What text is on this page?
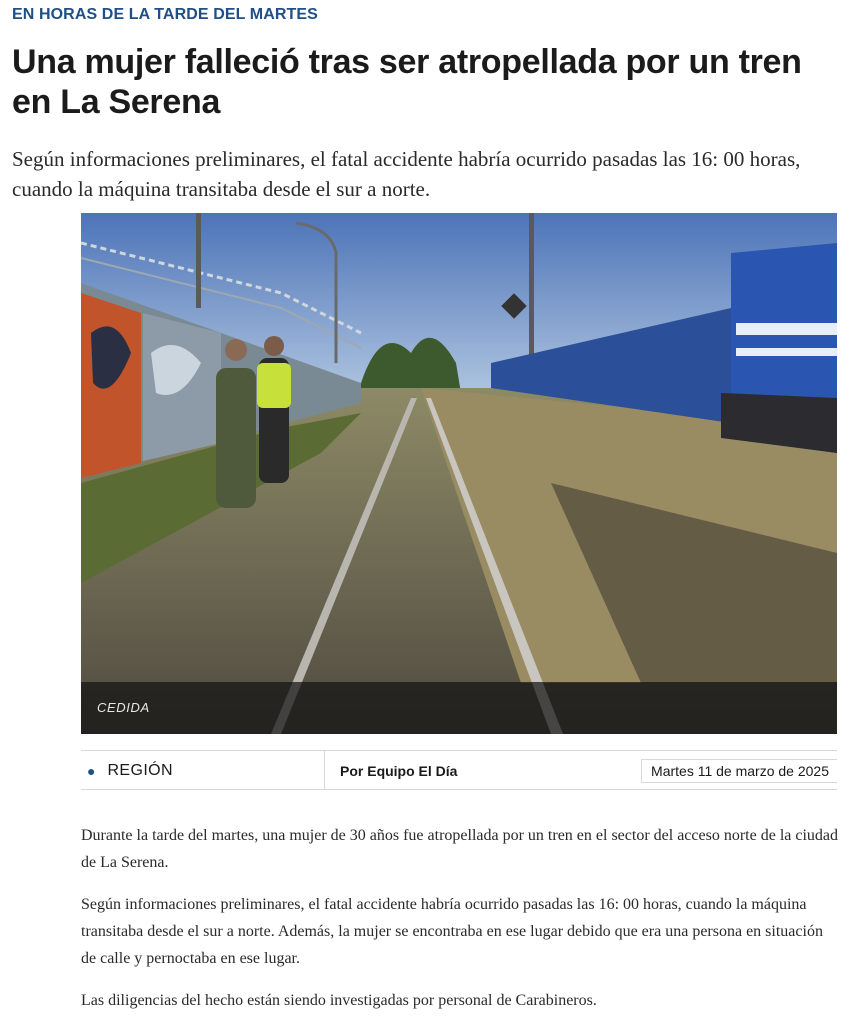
EN HORAS DE LA TARDE DEL MARTES
Una mujer falleció tras ser atropellada por un tren en La Serena

Según informaciones preliminares, el fatal accidente habría ocurrido pasadas las 16: 00 horas, cuando la máquina transitaba desde el sur a norte.

CEDIDA
● REGIÓN	Por Equipo El Día	Martes 11 de marzo de 2025

Durante la tarde del martes, una mujer de 30 años fue atropellada por un tren en el sector del acceso norte de la ciudad de La Serena.

Según informaciones preliminares, el fatal accidente habría ocurrido pasadas las 16: 00 horas, cuando la máquina transitaba desde el sur a norte. Además, la mujer se encontraba en ese lugar debido que era una persona en situación de calle y pernoctaba en ese lugar.

Las diligencias del hecho están siendo investigadas por personal de Carabineros.
